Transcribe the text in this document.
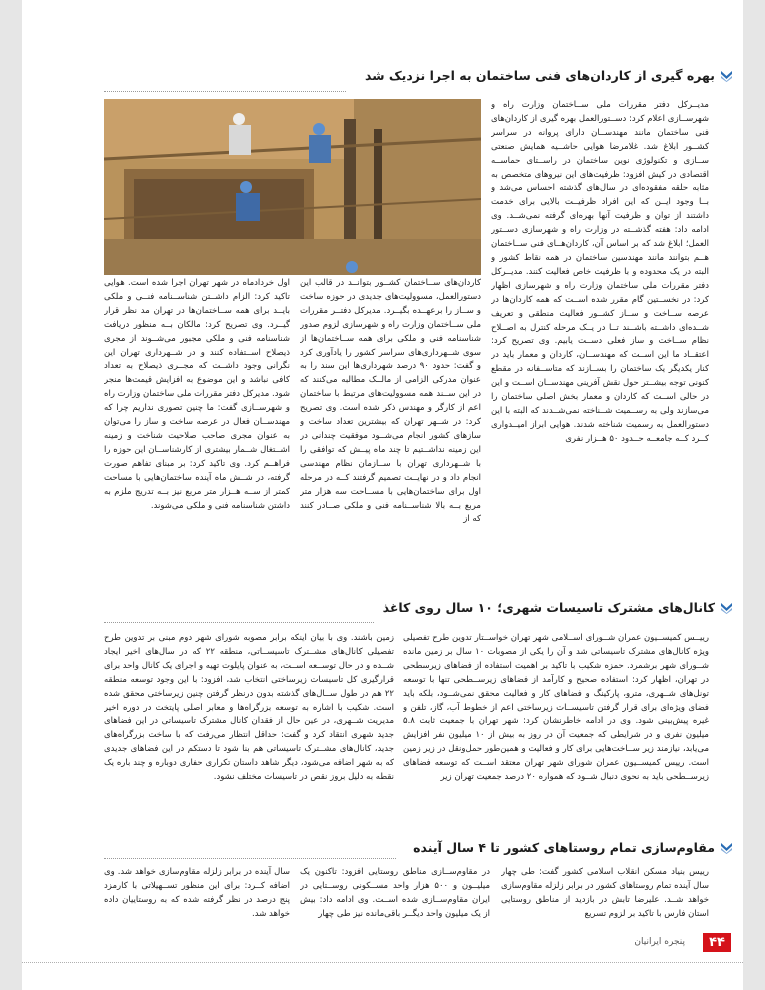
بهره گیری از کاردان‌های فنی ساختمان به اجرا نزدیک شد

مدیــرکل دفتر مقررات ملی ســاختمان وزارت راه و شهرســازی اعلام کرد: دســتورالعمل بهره گیری از کاردان‌های فنی ساختمان مانند مهندســان دارای پروانه در سراسر کشــور ابلاغ شد. غلامرضا هوایی حاشــیه همایش صنعتی ســازی و تکنولوژی نوین ساختمان در راســتای حماســه اقتصادی در کیش افزود: ظرفیت‌های این نیروهای متخصص به مثابه حلقه مفقوده‌ای در سال‌های گذشته احساس می‌شد و بــا وجود ایــن که این افراد ظرفیــت بالایی برای خدمت داشتند از توان و ظرفیت آنها بهره‌ای گرفته نمی‌شــد. وی ادامه داد: هفته گذشــته در وزارت راه و شهرسازی دســتور العمل؛ ابلاغ شد که بر اساس آن، کاردان‌هــای فنی ســاختمان هــم بتوانند مانند مهندسین ساختمان در همه نقاط کشور و البته در یک محدوده و با ظرفیت خاص فعالیت کنند. مدیــرکل دفتر مقررات ملی ساختمان وزارت راه و شهرسازی اظهار کرد: در نخســتین گام مقرر شده اســت که همه کاردان‌ها در عرصه ســاخت و ســاز کشــور فعالیت منطقی و تعریف شــده‌ای داشــته باشــند تــا در یــک مرحله کنترل به اصــلاح نظام ســاخت و ساز فعلی دســت یابیم. وی تصریح کرد: اعتقــاد ما این اســت که مهندســان، کاردان و معمار باید در کنار یکدیگر یک ساختمان را بســازند که متاســفانه در مقطع کنونی توجه بیشــتر حول نقش آفرینی مهندســان اســت و این در حالی اســت که کاردان و معمار بخش اصلی ساختمان را می‌سازند ولی به رســمیت شــناخته نمی‌شــدند که البته با این دستورالعمل به رسمیت شناخته شدند. هوایی ابراز امیــدواری کــرد کــه جامعــه حــدود ۵۰ هــزار نفری

کاردان‌های ســاختمان کشــور بتوانــد در قالب این دستورالعمل، مسوولیت‌های جدیدی در حوزه ساخت و ســاز را برعهــده بگیــرد. مدیرکل دفتــر مقررات ملی ســاختمان وزارت راه و شهرسازی لزوم صدور شناسنامه فنی و ملکی برای همه ســاختمان‌ها از سوی شــهرداری‌های سراسر کشور را یادآوری کرد و گفت: حدود ۹۰ درصد شهرداری‌ها این سند را به عنوان مدرکی الزامی از مالــک مطالبه می‌کنند که در این ســند همه مسوولیت‌های مرتبط با ساختمان اعم از کارگر و مهندس ذکر شده است. وی تصریح کرد: در شــهر تهران که بیشترین تعداد ساخت و سازهای کشور انجام می‌شــود موفقیت چندانی در این زمینه نداشــتیم تا چند ماه پیــش که توافقی را با شــهرداری تهران با ســازمان نظام مهندسی انجام داد و در نهایــت تصمیم گرفتند کــه در مرحله اول برای ساختمان‌هایی با مســاحت سه هزار متر مربع بــه بالا شناســنامه فنی و ملکی صــادر کنند که از

اول خردادماه در شهر تهران اجرا شده است. هوایی تاکید کرد: الزام داشــتن شناســنامه فنــی و ملکی بایــد برای همه ســاختمان‌ها در تهران مد نظر قرار گیــرد. وی تصریح کرد: مالکان بــه منظور دریافت شناسنامه فنی و ملکی مجبور می‌شــوند از مجری ذیصلاح اســتفاده کنند و در شــهرداری تهران این نگرانی وجود داشــت که مجــری ذیصلاح به تعداد کافی نباشد و این موضوع به افزایش قیمت‌ها منجر شود. مدیرکل دفتر مقررات ملی ساختمان وزارت راه و شهرســازی گفت: ما چنین تصوری نداریم چرا که مهندســان فعال در عرصه ساخت و ساز را می‌توان به عنوان مجری صاحب صلاحیت شناخت و زمینه اشــتغال شــمار بیشتری از کارشناســان این حوزه را فراهــم کرد. وی تاکید کرد: بر مبنای تفاهم صورت گرفته، در شــش ماه آینده ساختمان‌هایی با مساحت کمتر از ســه هــزار متر مربع نیز بــه تدریج ملزم به داشتن شناسنامه فنی و ملکی می‌شوند.

کانال‌های مشترک تاسیسات شهری؛ ۱۰ سال روی کاغذ

رییــس کمیســیون عمران شــورای اســلامی شهر تهران خواســتار تدوین طرح تفصیلی ویژه کانال‌های مشترک تاسیساتی شد و آن را یکی از مصوبات ۱۰ سال بر زمین مانده شــورای شهر برشمرد. حمزه شکیب با تاکید بر اهمیت استفاده از فضاهای زیرسطحی در تهران، اظهار کرد: استفاده صحیح و کارآمد از فضاهای زیرســطحی تنها با توسعه تونل‌های شــهری، مترو، پارکینگ و فضاهای کار و فعالیت محقق نمی‌شــود، بلکه باید فضای ویژه‌ای برای قرار گرفتن تاسیســات زیرساختی اعم از خطوط آب، گاز، تلفن و غیره پیش‌بینی شود. وی در ادامه خاطرنشان کرد: شهر تهران با جمعیت ثابت ۵.۸ میلیون نفری و در شرایطی که جمعیت آن در روز به بیش از ۱۰ میلیون نفر افزایش می‌یابد، نیازمند زیر ســاخت‌هایی برای کار و فعالیت و همین‌طور حمل‌ونقل در زیر زمین است. رییس کمیســیون عمران شورای شهر تهران معتقد اســت که توسعه فضاهای زیرســطحی باید به نحوی دنبال شــود که همواره ۲۰ درصد جمعیت تهران زیر

زمین باشند. وی با بیان اینکه برابر مصوبه شورای شهر دوم مبنی بر تدوین طرح تفصیلی کانال‌های مشــترک تاسیســاتی، منطقه ۲۲ که در سال‌های اخیر ایجاد شــده و در حال توســعه اســت، به عنوان پایلوت تهیه و اجرای یک کانال واحد برای قرارگیری کل تاسیسات زیرساختی انتخاب شد، افزود: با این وجود توسعه منطقه ۲۲ هم در طول ســال‌های گذشته بدون درنظر گرفتن چنین زیرساختی محقق شده است. شکیب با اشاره به توسعه بزرگراه‌ها و معابر اصلی پایتخت در دوره اخیر مدیریت شــهری، در عین حال از فقدان کانال مشترک تاسیساتی در این فضاهای جدید شهری انتقاد کرد و گفت: حداقل انتظار می‌رفت که با ساخت بزرگراه‌های جدید، کانال‌های مشــترک تاسیساتی هم بنا شود تا دستکم در این فضاهای جدیدی که به شهر اضافه می‌شود، دیگر شاهد داستان تکراری حفاری دوباره و چند باره یک نقطه به دلیل بروز نقص در تاسیسات مختلف نشود.

مقاوم‌سازی تمام روستاهای کشور تا ۴ سال آینده

رییس بنیاد مسکن انقلاب اسلامی کشور گفت: طی چهار سال آینده تمام روستاهای کشور در برابر زلزله مقاوم‌سازی خواهد شــد. علیرضا تابش در بازدید از مناطق روستایی استان فارس با تاکید بر لزوم تسریع

در مقاوم‌ســازی مناطق روستایی افزود: تاکنون یک میلیــون و ۵۰۰ هزار واحد مســکونی روســتایی در ایران مقاوم‌ســازی شده اســت. وی ادامه داد: بیش از یک میلیون واحد دیگــر باقی‌مانده نیز طی چهار

سال آینده در برابر زلزله مقاوم‌سازی خواهد شد. وی اضافه کــرد: برای این منظور تســهیلاتی با کارمزد پنج درصد در نظر گرفته شده که به روستاییان داده خواهد شد.

پنجره ایرانیان	۴۴
